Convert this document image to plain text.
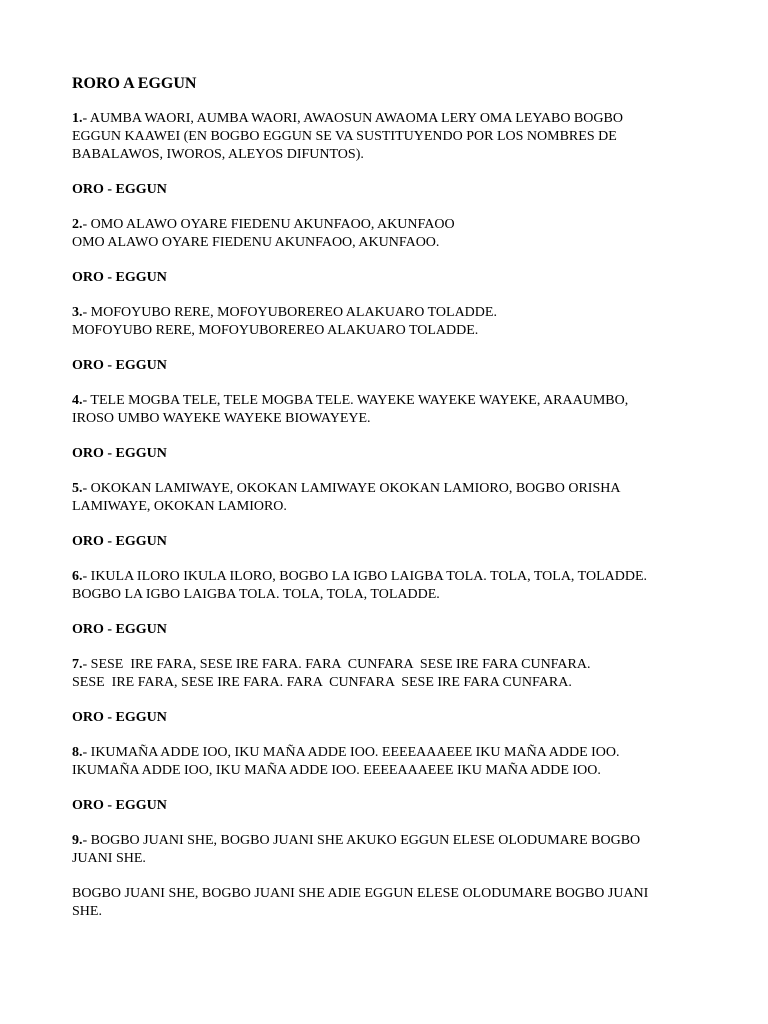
RORO A EGGUN
1.- AUMBA WAORI, AUMBA WAORI, AWAOSUN AWAOMA LERY OMA LEYABO BOGBO
EGGUN KAAWEI (EN BOGBO EGGUN SE VA SUSTITUYENDO POR LOS NOMBRES DE
BABALAWOS, IWOROS, ALEYOS DIFUNTOS).
ORO - EGGUN
2.- OMO ALAWO OYARE FIEDENU AKUNFAOO, AKUNFAOO
OMO ALAWO OYARE FIEDENU AKUNFAOO, AKUNFAOO.
ORO - EGGUN
3.- MOFOYUBO RERE, MOFOYUBOREREO ALAKUARO TOLADDE.
MOFOYUBO RERE, MOFOYUBOREREO ALAKUARO TOLADDE.
ORO - EGGUN
4.- TELE MOGBA TELE, TELE MOGBA TELE. WAYEKE WAYEKE WAYEKE, ARAAUMBO,
IROSO UMBO WAYEKE WAYEKE BIOWAYEYE.
ORO - EGGUN
5.- OKOKAN LAMIWAYE, OKOKAN LAMIWAYE OKOKAN LAMIORO, BOGBO ORISHA
LAMIWAYE, OKOKAN LAMIORO.
ORO - EGGUN
6.- IKULA ILORO IKULA ILORO, BOGBO LA IGBO LAIGBA TOLA. TOLA, TOLA, TOLADDE.
BOGBO LA IGBO LAIGBA TOLA. TOLA, TOLA, TOLADDE.
ORO - EGGUN
7.- SESE  IRE FARA, SESE IRE FARA. FARA  CUNFARA  SESE IRE FARA CUNFARA.
SESE  IRE FARA, SESE IRE FARA. FARA  CUNFARA  SESE IRE FARA CUNFARA.
ORO - EGGUN
8.- IKUMAÑA ADDE IOO, IKU MAÑA ADDE IOO. EEEEAAAEEE IKU MAÑA ADDE IOO.
IKUMAÑA ADDE IOO, IKU MAÑA ADDE IOO. EEEEAAAEEE IKU MAÑA ADDE IOO.
ORO - EGGUN
9.- BOGBO JUANI SHE, BOGBO JUANI SHE AKUKO EGGUN ELESE OLODUMARE BOGBO
JUANI SHE.
BOGBO JUANI SHE, BOGBO JUANI SHE ADIE EGGUN ELESE OLODUMARE BOGBO JUANI
SHE.
